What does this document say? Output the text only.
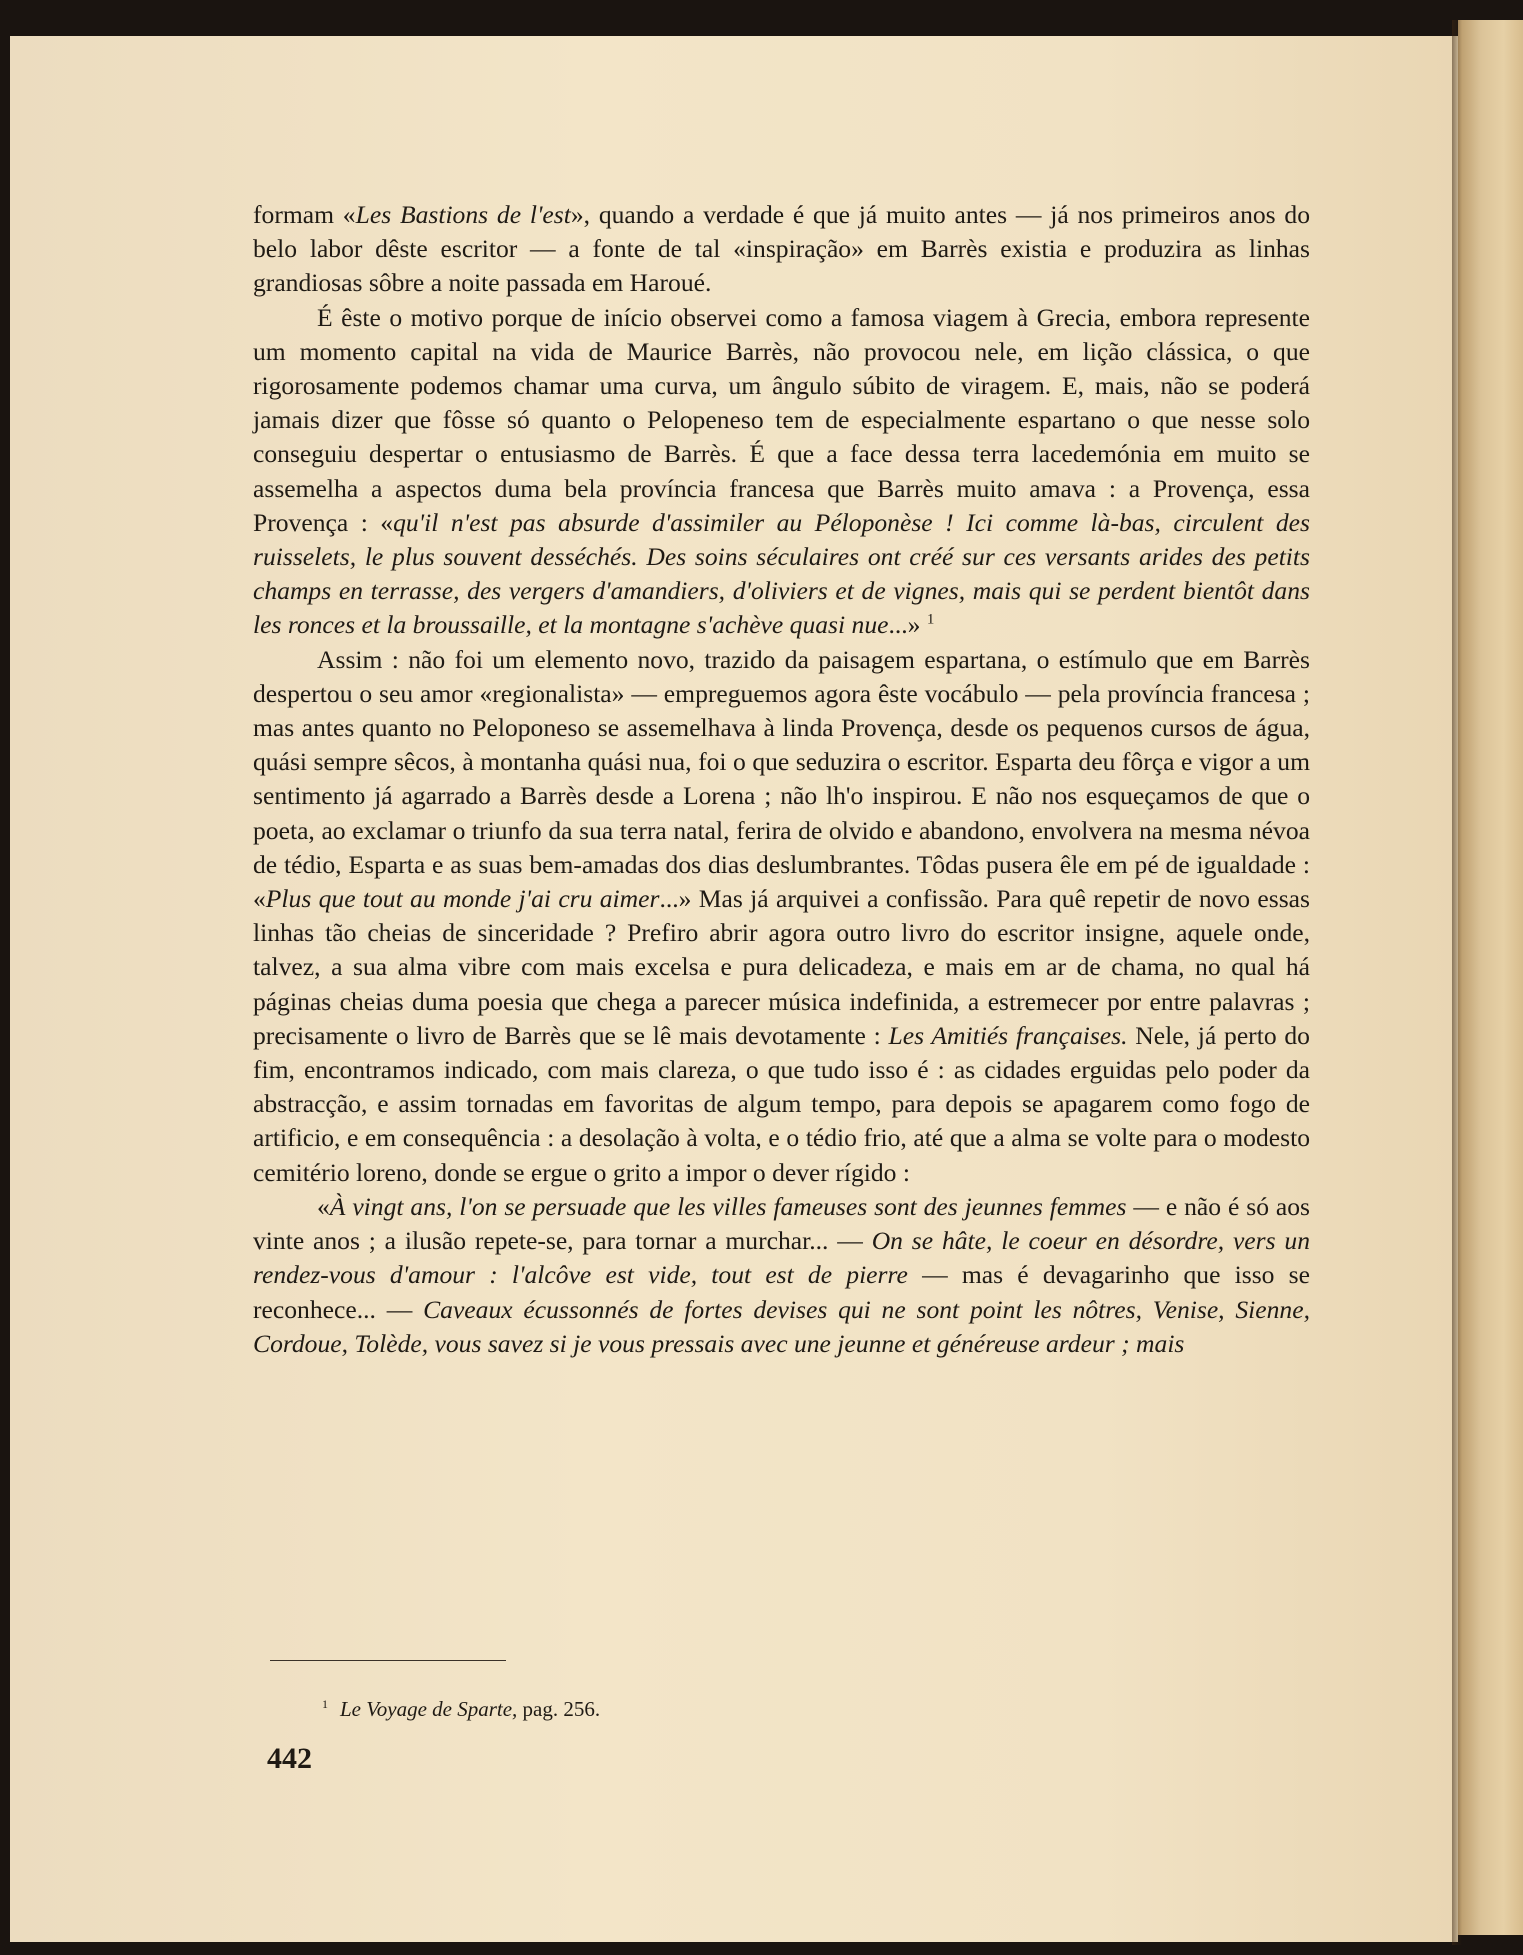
formam «Les Bastions de l'est», quando a verdade é que já muito antes — já nos primeiros anos do belo labor dêste escritor — a fonte de tal «inspiração» em Barrès existia e produzira as linhas grandiosas sôbre a noite passada em Haroué.

É êste o motivo porque de início observei como a famosa viagem à Grecia, embora represente um momento capital na vida de Maurice Barrès, não provocou nele, em lição clássica, o que rigorosamente podemos chamar uma curva, um ângulo súbito de viragem. E, mais, não se poderá jamais dizer que fôsse só quanto o Pelopeneso tem de especialmente espartano o que nesse solo conseguiu despertar o entusiasmo de Barrès. É que a face dessa terra lacedemónia em muito se assemelha a aspectos duma bela província francesa que Barrès muito amava : a Provença, essa Provença : «qu'il n'est pas absurde d'assimiler au Péloponèse ! Ici comme là-bas, circulent des ruisselets, le plus souvent desséchés. Des soins séculaires ont créé sur ces versants arides des petits champs en terrasse, des vergers d'amandiers, d'oliviers et de vignes, mais qui se perdent bientôt dans les ronces et la broussaille, et la montagne s'achève quasi nue...» $^1$

Assim : não foi um elemento novo, trazido da paisagem espartana, o estímulo que em Barrès despertou o seu amor «regionalista» — empreguemos agora êste vocábulo — pela província francesa ; mas antes quanto no Peloponeso se assemelhava à linda Provença, desde os pequenos cursos de água, quási sempre sêcos, à montanha quási nua, foi o que seduzira o escritor. Esparta deu fôrça e vigor a um sentimento já agarrado a Barrès desde a Lorena ; não lh'o inspirou. E não nos esqueçamos de que o poeta, ao exclamar o triunfo da sua terra natal, ferira de olvido e abandono, envolvera na mesma névoa de tédio, Esparta e as suas bem-amadas dos dias deslumbrantes. Tôdas pusera êle em pé de igualdade : «Plus que tout au monde j'ai cru aimer...» Mas já arquivei a confissão. Para quê repetir de novo essas linhas tão cheias de sinceridade ? Prefiro abrir agora outro livro do escritor insigne, aquele onde, talvez, a sua alma vibre com mais excelsa e pura delicadeza, e mais em ar de chama, no qual há páginas cheias duma poesia que chega a parecer música indefinida, a estremecer por entre palavras ; precisamente o livro de Barrès que se lê mais devotamente : Les Amitiés françaises. Nele, já perto do fim, encontramos indicado, com mais clareza, o que tudo isso é : as cidades erguidas pelo poder da abstracção, e assim tornadas em favoritas de algum tempo, para depois se apagarem como fogo de artificio, e em consequência : a desolação à volta, e o tédio frio, até que a alma se volte para o modesto cemitério loreno, donde se ergue o grito a impor o dever rígido :

«À vingt ans, l'on se persuade que les villes fameuses sont des jeunnes femmes — e não é só aos vinte anos ; a ilusão repete-se, para tornar a murchar... — On se hâte, le coeur en désordre, vers un rendez-vous d'amour : l'alcôve est vide, tout est de pierre — mas é devagarinho que isso se reconhece... — Caveaux écussonnés de fortes devises qui ne sont point les nôtres, Venise, Sienne, Cordoue, Tolède, vous savez si je vous pressais avec une jeunne et généreuse ardeur ; mais

$^1$ Le Voyage de Sparte, pag. 256.
442
